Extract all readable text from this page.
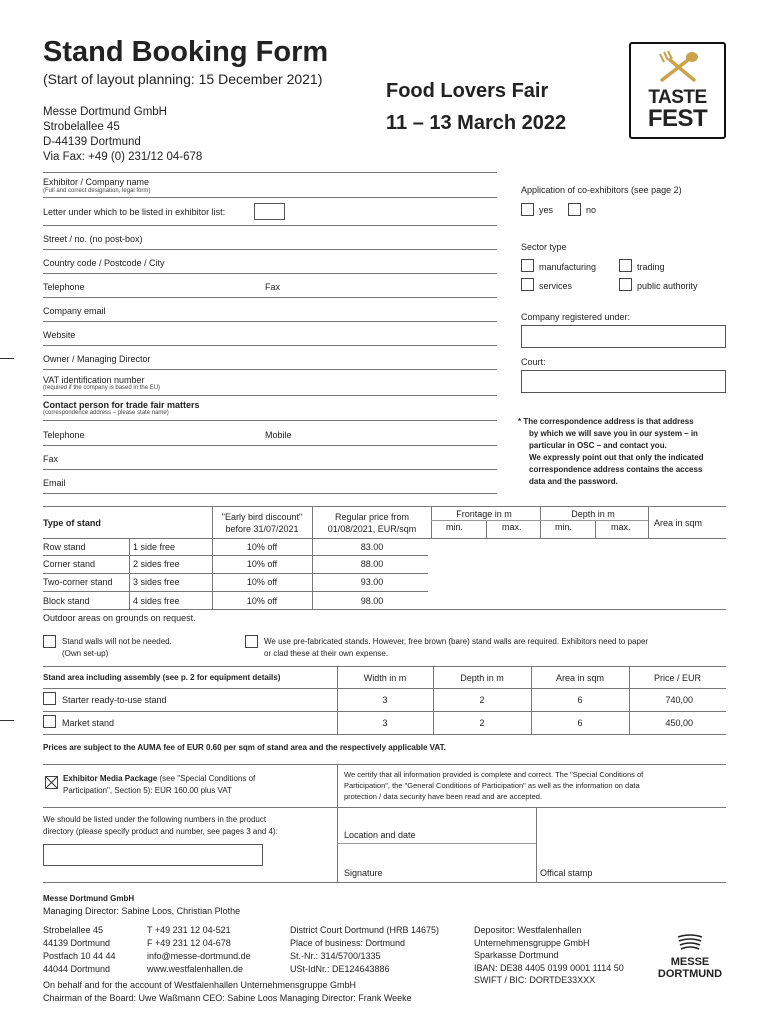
Stand Booking Form
(Start of layout planning: 15 December 2021)
Messe Dortmund GmbH
Strobelallee 45
D-44139 Dortmund
Via Fax: +49 (0) 231/12 04-678
Food Lovers Fair
11 – 13 March 2022
TASTE
FEST
Exhibitor / Company name
(Full and correct designation, legal form)
Letter under which to be listed in exhibitor list:
Street / no. (no post-box)
Country code / Postcode / City
Telephone	Fax
Company email
Website
Owner / Managing Director
VAT identification number
(required if the company is based in the EU)
Contact person for trade fair matters
(correspondence address – please state name)
Telephone	Mobile
Fax
Email
Application of co-exhibitors (see page 2)
yes	no
Sector type
manufacturing	trading
services	public authority
Company registered under:
Court:
* The correspondence address is that address
by which we will save you in our system – in
particular in OSC – and contact you.
We expressly point out that only the indicated
correspondence address contains the access
data and the password.
Type of stand
"Early bird discount"
before 31/07/2021
Regular price from
01/08/2021, EUR/sqm
Frontage in m
min.	max.
Depth in m
min.	max.	Area in sqm
Row stand	1 side free	10% off	83.00
Corner stand	2 sides free	10% off	88.00
Two-corner stand 3 sides free	10% off	93.00
Block stand	4 sides free	10% off	98.00
Outdoor areas on grounds on request.
Stand walls will not be needed.
(Own set-up)
We use pre-fabricated stands. However, free brown (bare) stand walls are required. Exhibitors need to paper
or clad these at their own expense.
Stand area including assembly (see p. 2 for equipment details)	Width in m	Depth in m	Area in sqm	Price / EUR
Starter ready-to-use stand	3	2	6	740,00
Market stand	3	2	6	450,00
Prices are subject to the AUMA fee of EUR 0.60 per sqm of stand area and the respectively applicable VAT.
Exhibitor Media Package (see "Special Conditions of
Participation", Section 5): EUR 160.00 plus VAT
We certify that all information provided is complete and correct. The "Special Conditions of
Participation", the "General Conditions of Participation" as well as the information on data
protection / data security have been read and are accepted.
We should be listed under the following numbers in the product
directory (please specify product and number, see pages 3 and 4):	Location and date
Signature	Offical stamp
Messe Dortmund GmbH
Managing Director: Sabine Loos, Christian Plothe
Strobelallee 45
44139 Dortmund
Postfach 10 44 44
44044 Dortmund
T +49 231 12 04-521
F +49 231 12 04-678
info@messe-dortmund.de
www.westfalenhallen.de
District Court Dortmund (HRB 14675)
Place of business: Dortmund
St.-Nr.: 314/5700/1335
USt-IdNr.: DE124643886
Depositor: Westfalenhallen
Unternehmensgruppe GmbH
Sparkasse Dortmund
IBAN: DE38 4405 0199 0001 1114 50
SWIFT / BIC: DORTDE33XXX
On behalf and for the account of Westfalenhallen Unternehmensgruppe GmbH
Chairman of the Board: Uwe Waßmann CEO: Sabine Loos Managing Director: Frank Weeke
MESSE
DORTMUND
